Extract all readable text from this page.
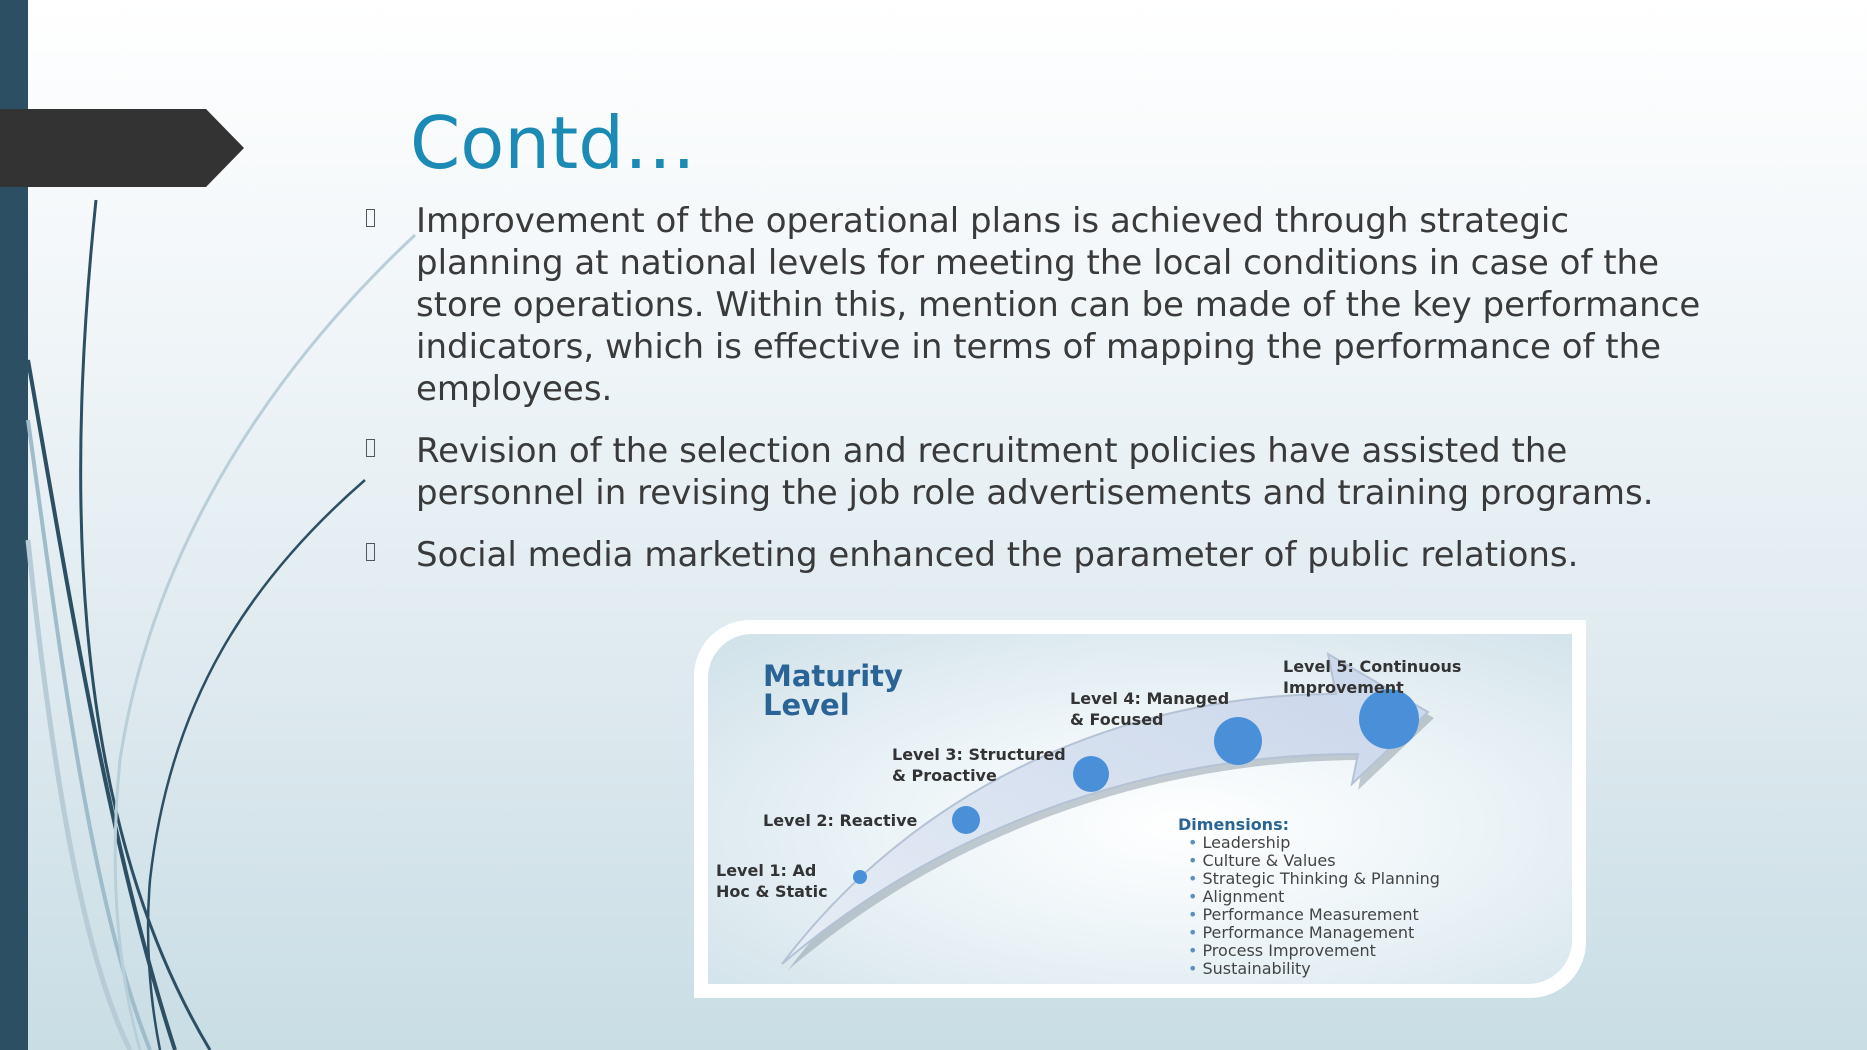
Contd…
Improvement of the operational plans is achieved through strategic planning at national levels for meeting the local conditions in case of the store operations. Within this, mention can be made of the key performance indicators, which is effective in terms of mapping the performance of the employees.
Revision of the selection and recruitment policies have assisted the personnel in revising the job role advertisements and training programs.
Social media marketing enhanced the parameter of public relations.
Maturity
Level
Level 1: Ad
Hoc & Static
Level 2: Reactive
Level 3: Structured
& Proactive
Level 4: Managed
& Focused
Level 5: Continuous
Improvement
Dimensions:
• Leadership
• Culture & Values
• Strategic Thinking & Planning
• Alignment
• Performance Measurement
• Performance Management
• Process Improvement
• Sustainability
